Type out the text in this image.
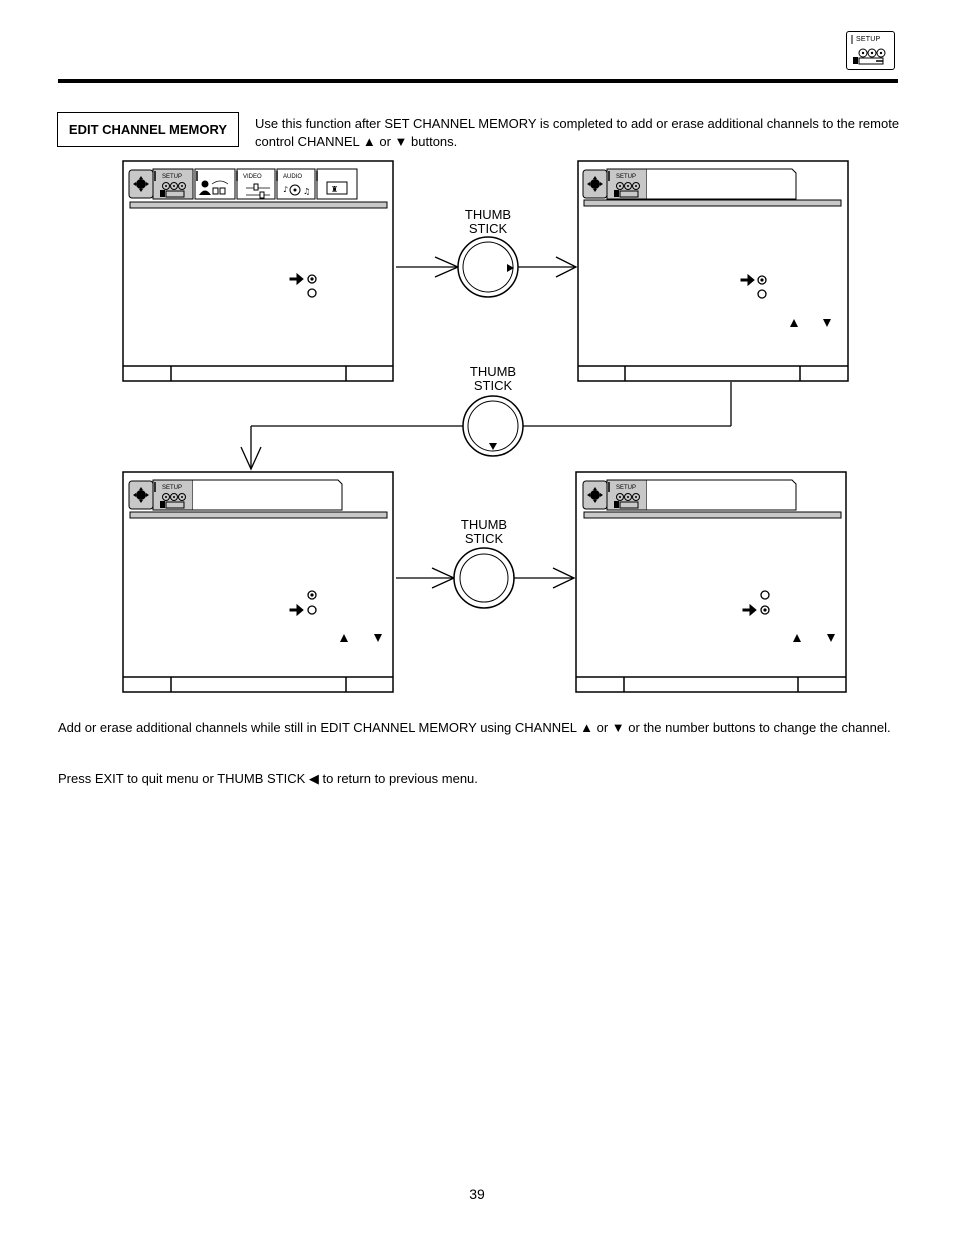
SETUP
EDIT CHANNEL MEMORY	Use this function after SET CHANNEL MEMORY is completed to add or erase additional channels to the remote control CHANNEL ▲ or ▼ buttons.
SETUP	VIDEO	AUDIO
♪ ♫	♜
SETUP
SETUP	SETUP
THUMB STICK
THUMB STICK
THUMB STICK
Add or erase additional channels while still in EDIT CHANNEL MEMORY using CHANNEL ▲ or ▼ or the number buttons to change the channel.
Press EXIT to quit menu or THUMB STICK ◀ to return to previous menu.
39
